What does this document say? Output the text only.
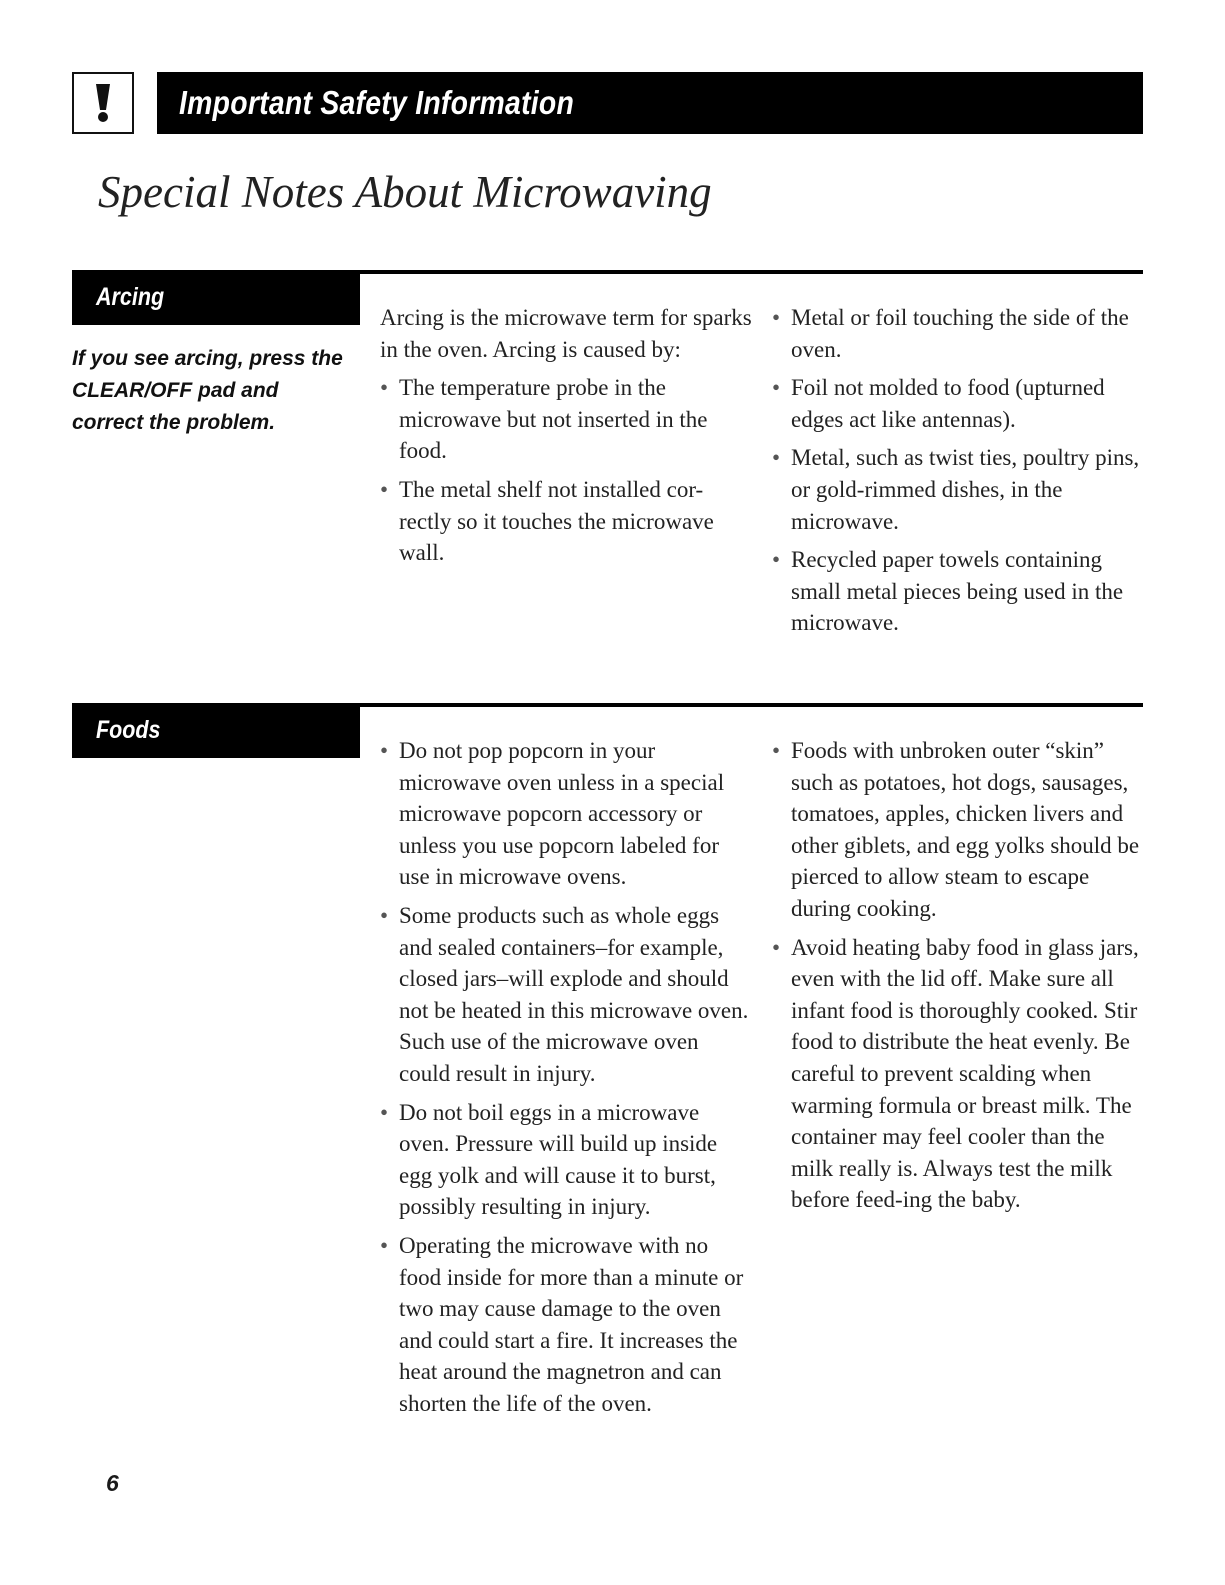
Important Safety Information
Special Notes About Microwaving
Arcing

If you see arcing, press the CLEAR/OFF pad and correct the problem.

Arcing is the microwave term for sparks in the oven. Arcing is caused by:

• The temperature probe in the microwave but not inserted in the food.
• The metal shelf not installed cor-rectly so it touches the microwave wall.
• Metal or foil touching the side of the oven.
• Foil not molded to food (upturned edges act like antennas).
• Metal, such as twist ties, poultry pins, or gold-rimmed dishes, in the microwave.
• Recycled paper towels containing small metal pieces being used in the microwave.
Foods
• Do not pop popcorn in your microwave oven unless in a special microwave popcorn accessory or unless you use popcorn labeled for use in microwave ovens.
• Some products such as whole eggs and sealed containers–for example, closed jars–will explode and should not be heated in this microwave oven. Such use of the microwave oven could result in injury.
• Do not boil eggs in a microwave oven. Pressure will build up inside egg yolk and will cause it to burst, possibly resulting in injury.
• Operating the microwave with no food inside for more than a minute or two may cause damage to the oven and could start a fire. It increases the heat around the magnetron and can shorten the life of the oven.
• Foods with unbroken outer “skin” such as potatoes, hot dogs, sausages, tomatoes, apples, chicken livers and other giblets, and egg yolks should be pierced to allow steam to escape during cooking.
• Avoid heating baby food in glass jars, even with the lid off. Make sure all infant food is thoroughly cooked. Stir food to distribute the heat evenly. Be careful to prevent scalding when warming formula or breast milk. The container may feel cooler than the milk really is. Always test the milk before feed-ing the baby.
6
